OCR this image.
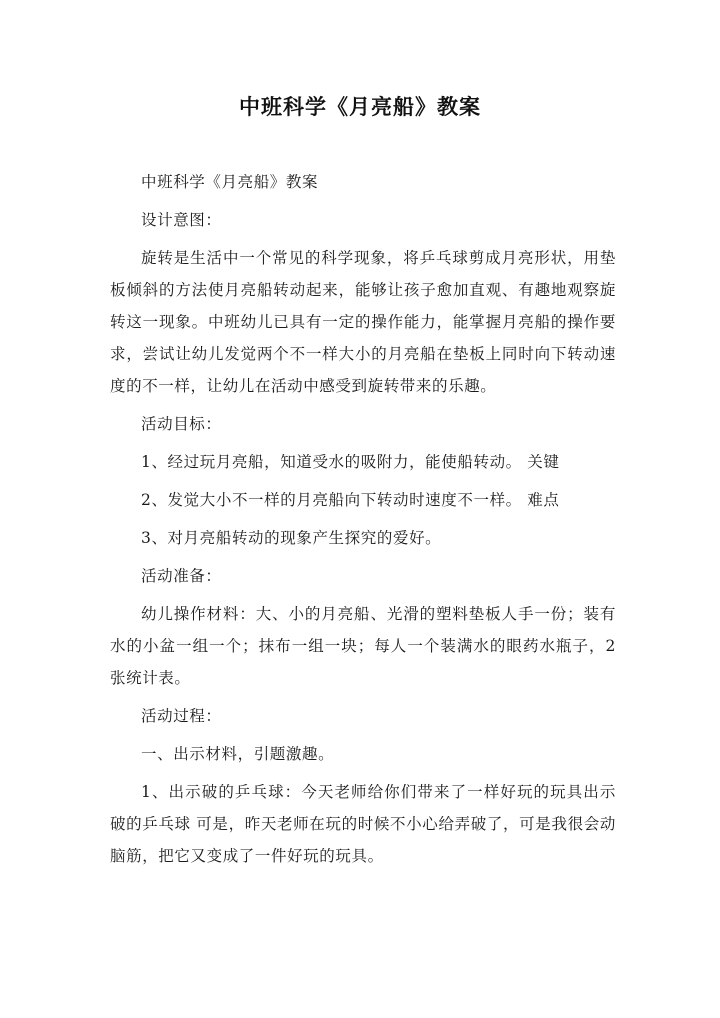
中班科学《月亮船》教案

中班科学《月亮船》教案

设计意图：

旋转是生活中一个常见的科学现象，将乒乓球剪成月亮形状，用垫板倾斜的方法使月亮船转动起来，能够让孩子愈加直观、有趣地观察旋转这一现象。中班幼儿已具有一定的操作能力，能掌握月亮船的操作要求，尝试让幼儿发觉两个不一样大小的月亮船在垫板上同时向下转动速度的不一样，让幼儿在活动中感受到旋转带来的乐趣。

活动目标：

1、经过玩月亮船，知道受水的吸附力，能使船转动。 关键

2、发觉大小不一样的月亮船向下转动时速度不一样。 难点

3、对月亮船转动的现象产生探究的爱好。

活动准备：

幼儿操作材料：大、小的月亮船、光滑的塑料垫板人手一份；装有水的小盆一组一个；抹布一组一块；每人一个装满水的眼药水瓶子，2张统计表。

活动过程：

一、出示材料，引题激趣。

1、出示破的乒乓球：今天老师给你们带来了一样好玩的玩具出示破的乒乓球 可是，昨天老师在玩的时候不小心给弄破了，可是我很会动脑筋，把它又变成了一件好玩的玩具。
